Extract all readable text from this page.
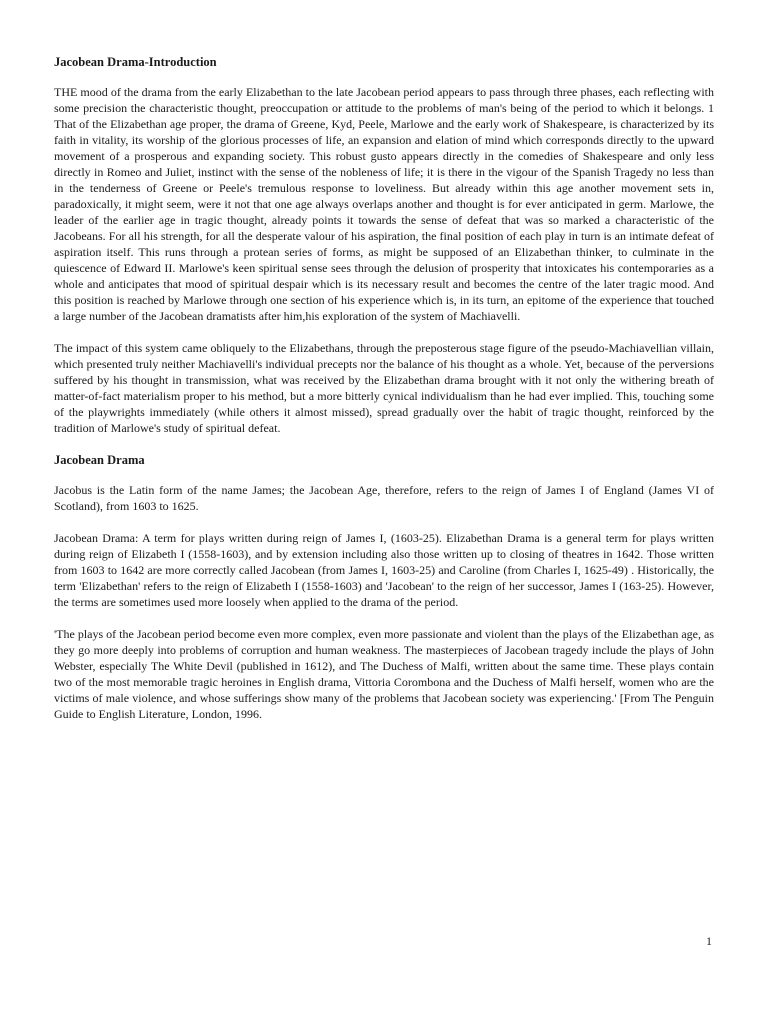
Jacobean Drama-Introduction

THE mood of the drama from the early Elizabethan to the late Jacobean period appears to pass through three phases, each reflecting with some precision the characteristic thought, preoccupation or attitude to the problems of man's being of the period to which it belongs. 1 That of the Elizabethan age proper, the drama of Greene, Kyd, Peele, Marlowe and the early work of Shakespeare, is characterized by its faith in vitality, its worship of the glorious processes of life, an expansion and elation of mind which corresponds directly to the upward movement of a prosperous and expanding society. This robust gusto appears directly in the comedies of Shakespeare and only less directly in Romeo and Juliet, instinct with the sense of the nobleness of life; it is there in the vigour of the Spanish Tragedy no less than in the tenderness of Greene or Peele's tremulous response to loveliness. But already within this age another movement sets in, paradoxically, it might seem, were it not that one age always overlaps another and thought is for ever anticipated in germ. Marlowe, the leader of the earlier age in tragic thought, already points it towards the sense of defeat that was so marked a characteristic of the Jacobeans. For all his strength, for all the desperate valour of his aspiration, the final position of each play in turn is an intimate defeat of aspiration itself. This runs through a protean series of forms, as might be supposed of an Elizabethan thinker, to culminate in the quiescence of Edward II. Marlowe's keen spiritual sense sees through the delusion of prosperity that intoxicates his contemporaries as a whole and anticipates that mood of spiritual despair which is its necessary result and becomes the centre of the later tragic mood. And this position is reached by Marlowe through one section of his experience which is, in its turn, an epitome of the experience that touched a large number of the Jacobean dramatists after him,his exploration of the system of Machiavelli.

The impact of this system came obliquely to the Elizabethans, through the preposterous stage figure of the pseudo-Machiavellian villain, which presented truly neither Machiavelli's individual precepts nor the balance of his thought as a whole. Yet, because of the perversions suffered by his thought in transmission, what was received by the Elizabethan drama brought with it not only the withering breath of matter-of-fact materialism proper to his method, but a more bitterly cynical individualism than he had ever implied. This, touching some of the playwrights immediately (while others it almost missed), spread gradually over the habit of tragic thought, reinforced by the tradition of Marlowe's study of spiritual defeat.

Jacobean Drama

Jacobus is the Latin form of the name James; the Jacobean Age, therefore, refers to the reign of James I of England (James VI of Scotland), from 1603 to 1625.

Jacobean Drama: A term for plays written during reign of James I, (1603-25). Elizabethan Drama is a general term for plays written during reign of Elizabeth I (1558-1603), and by extension including also those written up to closing of theatres in 1642. Those written from 1603 to 1642 are more correctly called Jacobean (from James I, 1603-25) and Caroline (from Charles I, 1625-49) . Historically, the term 'Elizabethan' refers to the reign of Elizabeth I (1558-1603) and 'Jacobean' to the reign of her successor, James I (163-25). However, the terms are sometimes used more loosely when applied to the drama of the period.

'The plays of the Jacobean period become even more complex, even more passionate and violent than the plays of the Elizabethan age, as they go more deeply into problems of corruption and human weakness. The masterpieces of Jacobean tragedy include the plays of John Webster, especially The White Devil (published in 1612), and The Duchess of Malfi, written about the same time. These plays contain two of the most memorable tragic heroines in English drama, Vittoria Corombona and the Duchess of Malfi herself, women who are the victims of male violence, and whose sufferings show many of the problems that Jacobean society was experiencing.' [From The Penguin Guide to English Literature, London, 1996.

1
